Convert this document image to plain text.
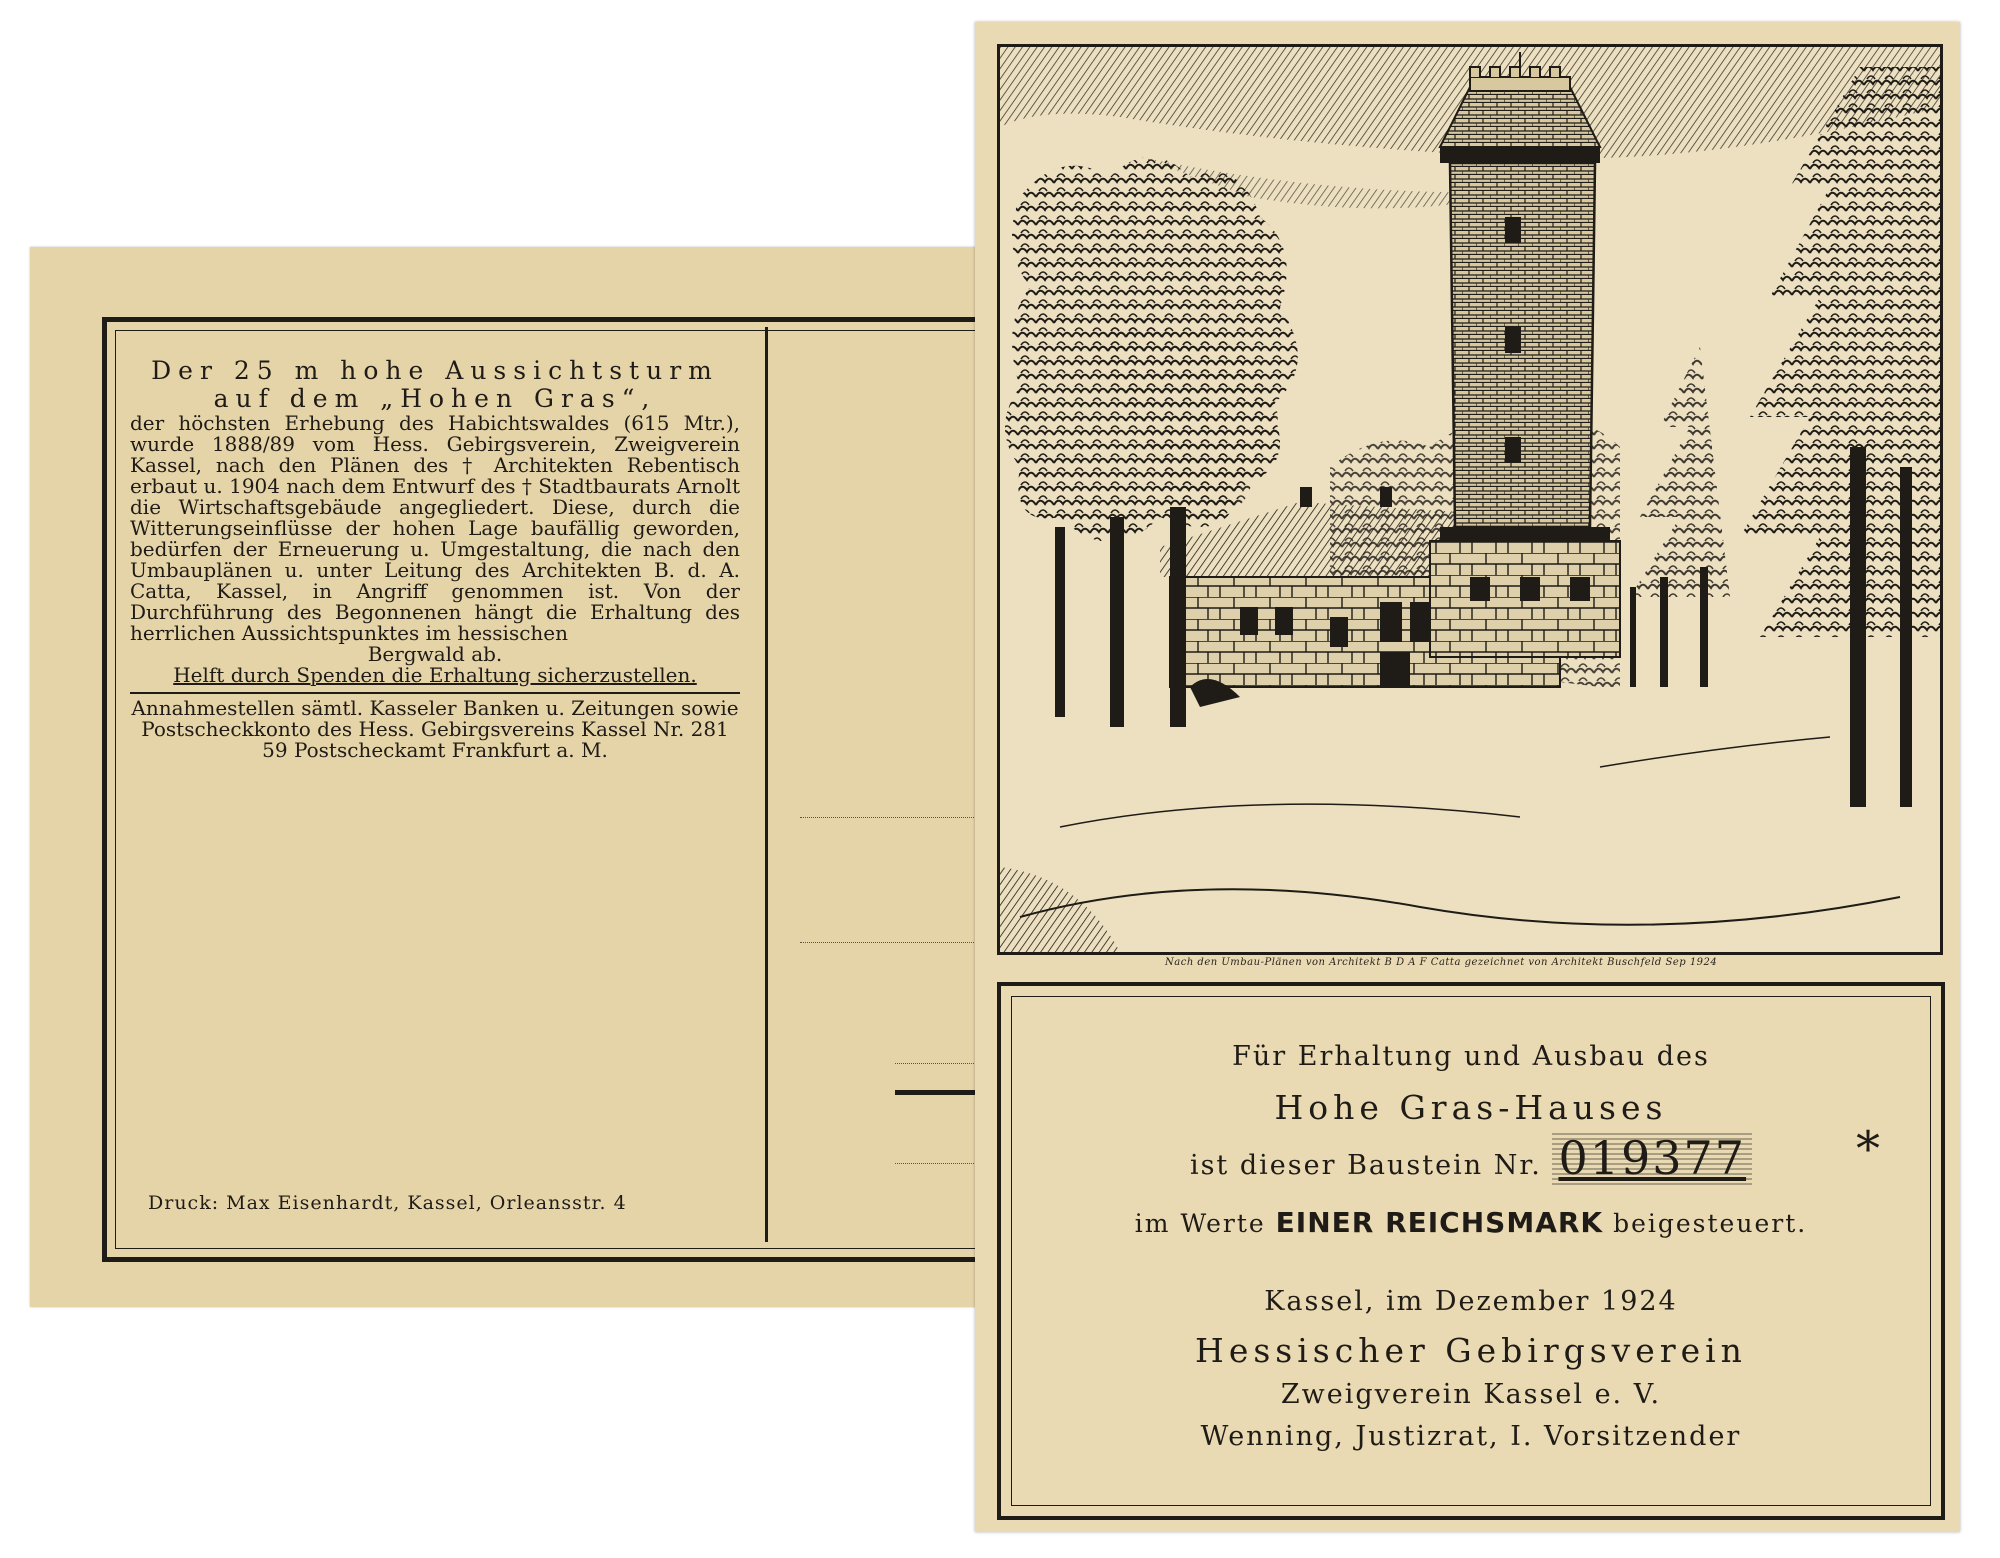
Der 25 m hohe Aussichtsturm
auf dem „Hohen Gras“,
der höchsten Erhebung des Habichtswaldes (615 Mtr.), wurde 1888/89 vom Hess. Gebirgsverein, Zweigverein Kassel, nach den Plänen des † Architekten Rebentisch erbaut u. 1904 nach dem Entwurf des † Stadtbaurats Arnolt die Wirtschaftsgebäude angegliedert. Diese, durch die Witterungseinflüsse der hohen Lage baufällig geworden, bedürfen der Erneuerung u. Umgestaltung, die nach den Umbauplänen u. unter Leitung des Architekten B. d. A. Catta, Kassel, in Angriff genommen ist. Von der Durchführung des Begonnenen hängt die Erhaltung des herrlichen Aussichtspunktes im hessischen
Bergwald ab.
Helft durch Spenden die Erhaltung sicherzustellen.
Annahmestellen sämtl. Kasseler Banken u. Zeitungen sowie Postscheckkonto des Hess. Gebirgsvereins Kassel Nr. 281 59 Postscheckamt Frankfurt a. M.
Druck: Max Eisenhardt, Kassel, Orleansstr. 4
Nach den Umbau-Plänen von Architekt B D A F Catta gezeichnet von Architekt Buschfeld Sep 1924
Für Erhaltung und Ausbau des
Hohe Gras-Hauses
ist dieser Baustein Nr. 019377	*
im Werte EINER REICHSMARK beigesteuert.
Kassel, im Dezember 1924
Hessischer Gebirgsverein
Zweigverein Kassel e. V.
Wenning, Justizrat, I. Vorsitzender
